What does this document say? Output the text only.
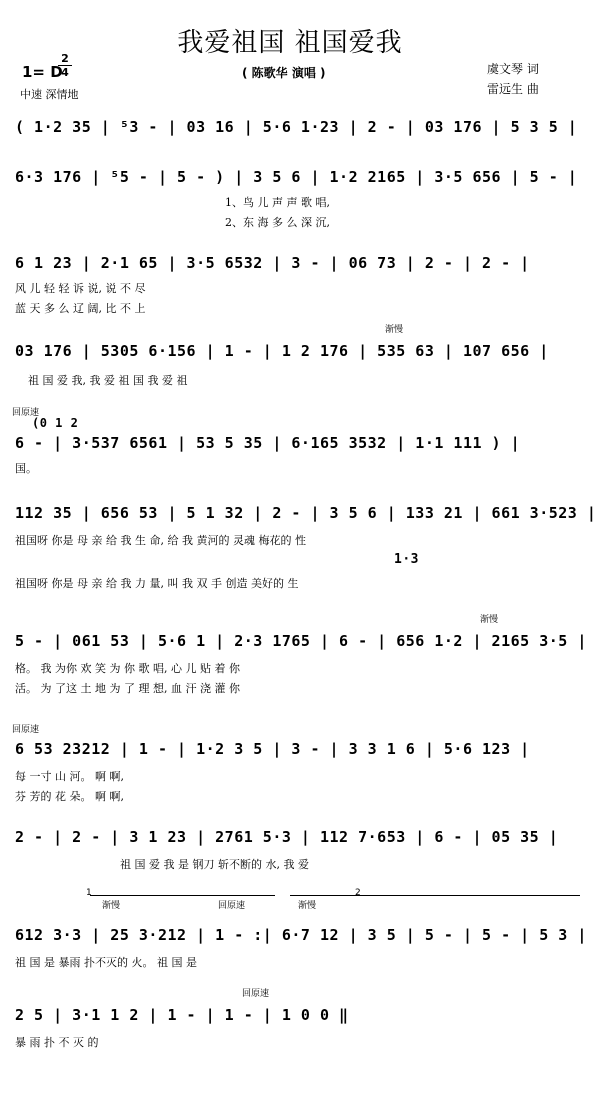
我爱祖国 祖国爱我
1= D
2
4
中速 深情地
( 陈歌华 演唱 )	虞文琴 词
雷远生 曲
( 1·2 35 | ⁵3 - | 03 16 | 5·6 1·23 | 2 - | 03 176 | 5 3 5 |
6·3 176 | ⁵5 - | 5 - ) | 3 5 6 | 1·2 2165 | 3·5 656 | 5 - |
1、鸟 儿 声 声 歌 唱,
2、东 海 多 么 深 沉,
6 1 23 | 2·1 65 | 3·5 6532 | 3 - | 06 73 | 2 - | 2 - |
风 儿 轻 轻 诉 说, 说 不 尽
蓝 天 多 么 辽 阔, 比 不 上
渐慢
03 176 | 5305 6·156 | 1 - | 1 2 176 | 535 63 | 107 656 |
祖 国 爱 我, 我 爱 祖 国 我 爱 祖
回原速
(0 1 2
6 - | 3·537 6561 | 53 5 35 | 6·165 3532 | 1·1 111 ) |
国。
112 35 | 656 53 | 5 1 32 | 2 - | 3 5 6 | 133 21 | 661 3·523 |
祖国呀 你是 母 亲 给 我 生 命, 给 我 黄河的 灵魂 梅花的 性
1·3
祖国呀 你是 母 亲 给 我 力 量, 叫 我 双 手 创造 美好的 生
渐慢
5 - | 061 53 | 5·6 1 | 2·3 1765 | 6 - | 656 1·2 | 2165 3·5 |
格。 我 为你 欢 笑 为 你 歌 唱, 心 儿 贴 着 你
活。 为 了这 土 地 为 了 理 想, 血 汗 浇 灌 你
回原速
6 53 23212 | 1 - | 1·2 3 5 | 3 - | 3 3 1 6 | 5·6 123 |
每 一寸 山 河。 啊 啊,
芬 芳的 花 朵。 啊 啊,
2 - | 2 - | 3 1 23 | 2761 5·3 | 112 7·653 | 6 - | 05 35 |
祖 国 爱 我 是 钢刀 斩不断的 水, 我 爱
1	2
渐慢	回原速	渐慢
612 3·3 | 25 3·212 | 1 - :| 6·7 12 | 3 5 | 5 - | 5 - | 5 3 |
祖 国 是 暴雨 扑不灭的 火。 祖 国 是
回原速
2 5 | 3·1 1 2 | 1 - | 1 - | 1 0 0 ‖
暴 雨 扑 不 灭 的
